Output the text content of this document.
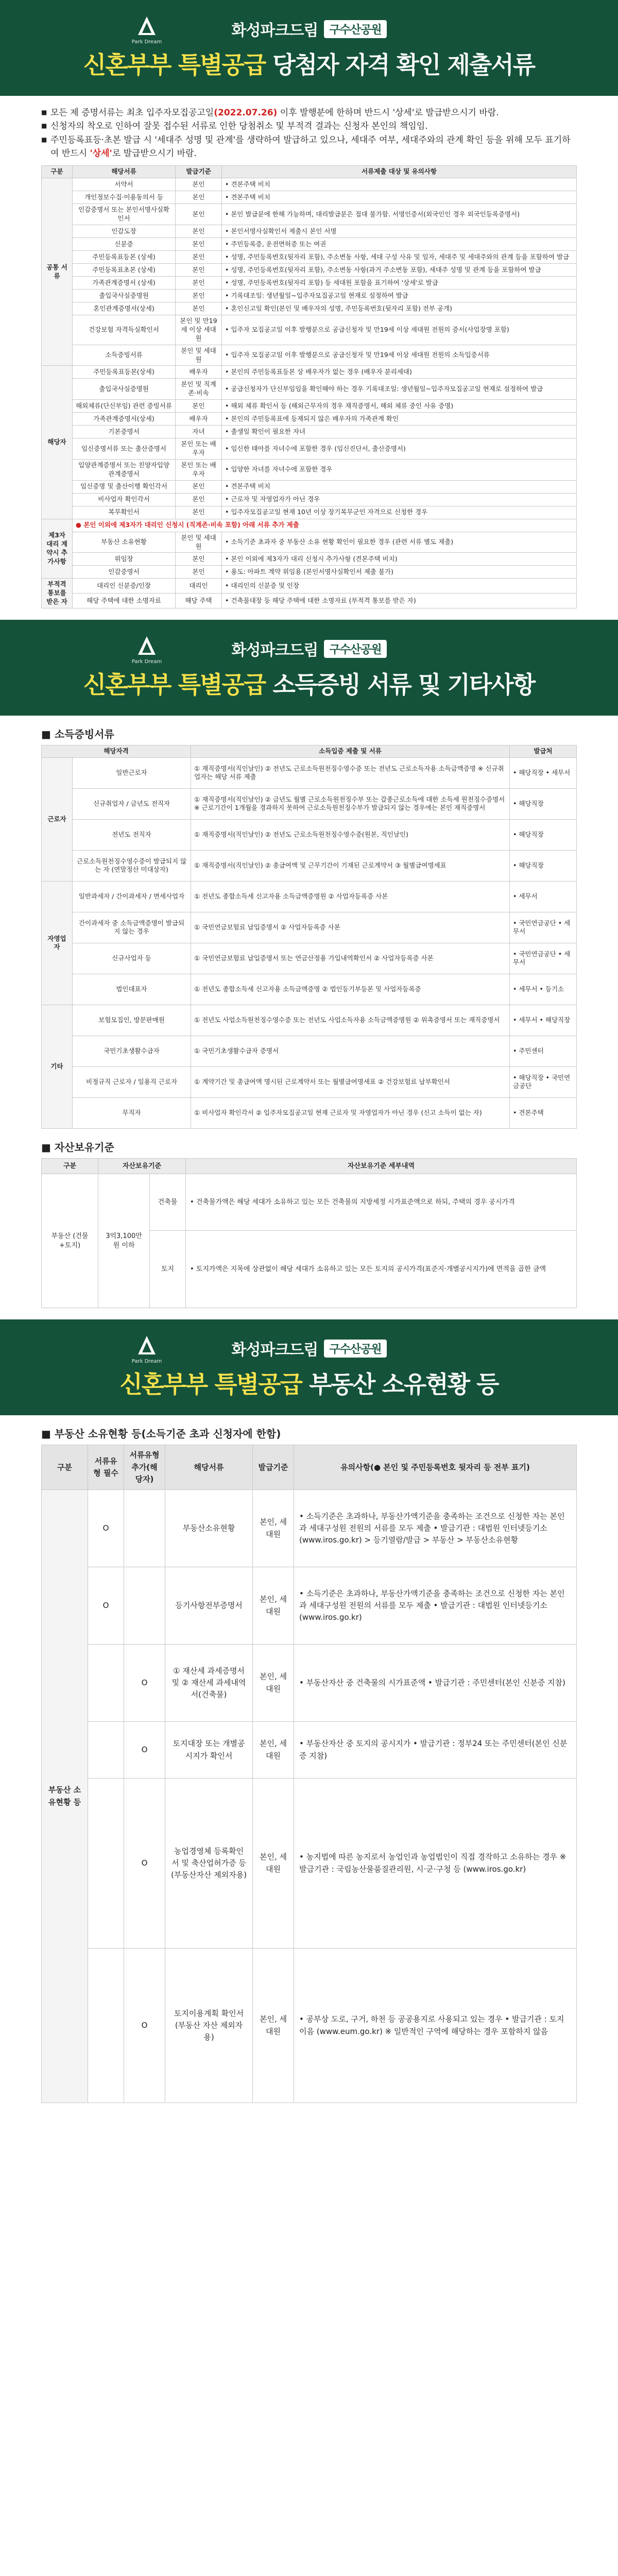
Park Dream
화성파크드림	구수산공원
신혼부부 특별공급 당첨자 자격 확인 제출서류
■ 모든 제 증명서류는 최초 입주자모집공고일(2022.07.26) 이후 발행분에 한하며 반드시 '상세'로 발급받으시기 바람.
■ 신청자의 착오로 인하여 잘못 접수된 서류로 인한 당첨취소 및 부적격 결과는 신청자 본인의 책임임.
■ 주민등록표등·초본 발급 시 '세대주 성명 및 관계'를 생략하여 발급하고 있으나, 세대주 여부, 세대주와의 관계 확인 등을 위해 모두 표기하여 반드시 '상세'로 발급받으시기 바람.
구분	해당서류	발급기준	서류제출 대상 및 유의사항
공통 서류	서약서	본인	• 견본주택 비치
	개인정보수집·이용동의서 등	본인	• 견본주택 비치
	인감증명서 또는 본인서명사실확인서	본인	• 본인 발급분에 한해 가능하며, 대리발급분은 접대 불가함. 서명인증서(외국인인 경우 외국인등록증명서)
	인감도장	본인	• 본인서명사실확인서 제출시 본인 서명
	신분증	본인	• 주민등록증, 운전면허증 또는 여권
	주민등록표등본 (상세)	본인	• 성명, 주민등록번호(뒷자리 포함), 주소변동 사항, 세대 구성 사유 및 일자, 세대주 및 세대주와의 관계 등을 포함하여 발급
	주민등록표초본 (상세)	본인	• 성명, 주민등록번호(뒷자리 포함), 주소변동 사항(과거 주소변동 포함), 세대주 성명 및 관계 등을 포함하여 발급
	가족관계증명서 (상세)	본인	• 성명, 주민등록번호(뒷자리 포함) 등 세대원 포함을 표기하여 '상세'로 발급
	출입국사실증명원	본인	• 기록대조일: 생년월일~입주자모집공고일 현재로 설정하여 발급
	혼인관계증명서(상세)	본인	• 혼인신고일 확인(본인 및 배우자의 성명, 주민등록번호(뒷자리 포함) 전부 공개)
	건강보험 자격득실확인서	본인 및 만19세 이상 세대원	• 입주자 모집공고일 이후 발행분으로 공급신청자 및 만19세 이상 세대원 전원의 증서(사업장명 포함)
	소득증빙서류	본인 및 세대원	• 입주자 모집공고일 이후 발행분으로 공급신청자 및 만19세 이상 세대원 전원의 소득입증서류
해당자	주민등록표등본(상세)	배우자	• 본인의 주민등록표등본 상 배우자가 없는 경우 (배우자 분리세대)
	출입국사실증명원	본인 및 직계존·비속	• 공급신청자가 단신부임임을 확인해야 하는 경우 기록대조일: 생년월일~입주자모집공고일 현재로 설정하여 발급
	해외체류(단신부임) 관련 증빙서류	본인	• 해외 체류 확인서 등 (해외근무자의 경우 재직증명서, 해외 체류 중인 사유 증명)
	가족관계증명서(상세)	배우자	• 본인의 주민등록표에 등재되지 않은 배우자의 가족관계 확인
	기본증명서	자녀	• 출생일 확인이 필요한 자녀
	임신증명서류 또는 출산증명서	본인 또는 배우자	• 임신한 태아를 자녀수에 포함한 경우 (임신진단서, 출산증명서)
	입양관계증명서 또는 친양자입양관계증명서	본인 또는 배우자	• 입양한 자녀를 자녀수에 포함한 경우
	임신증명 및 출산이행 확인각서	본인	• 견본주택 비치
	비사업자 확인각서	본인	• 근로자 및 자영업자가 아닌 경우
	복무확인서	본인	• 입주자모집공고일 현재 10년 이상 장기복무군인 자격으로 신청한 경우
제3자 대리 계약시 추가사항	● 본인 이외에 제3자가 대리인 신청시 (직계존·비속 포함) 아래 서류 추가 제출		
	부동산 소유현황	본인 및 세대원	• 소득기준 초과자 중 부동산 소유 현황 확인이 필요한 경우 (관련 서류 별도 제출)
	위임장	본인	• 본인 이외에 제3자가 대리 신청시 추가사항 (견본주택 비치)
	인감증명서	본인	• 용도: 아파트 계약 위임용 (본인서명사실확인서 제출 불가)
부적격 통보를 받은 자	대리인 신분증/인장	대리인	• 대리인의 신분증 및 인장
	해당 주택에 대한 소명자료	해당 주택	• 건축물대장 등 해당 주택에 대한 소명자료 (부적격 통보를 받은 자)
Park Dream
화성파크드림	구수산공원
신혼부부 특별공급 소득증빙 서류 및 기타사항
■ 소득증빙서류
해당자격		소득입증 제출 및 서류	발급처
근로자	일반근로자	① 재직증명서(직인날인) ② 전년도 근로소득원천징수영수증 또는 전년도 근로소득자용 소득금액증명 ※ 신규취업자는 해당 서류 제출	• 해당직장 • 세무서
	신규취업자 / 금년도 전직자	① 재직증명서(직인날인) ② 금년도 월별 근로소득원천징수부 또는 갑종근로소득에 대한 소득세 원천징수증명서 ※ 근로기간이 1개월을 경과하지 못하여 근로소득원천징수부가 발급되지 않는 경우에는 본인 재직증명서	• 해당직장
	전년도 전직자	① 재직증명서(직인날인) ② 전년도 근로소득원천징수영수증(원본, 직인날인)	• 해당직장
	근로소득원천징수영수증이 발급되지 않는 자 (연말정산 미대상자)	① 재직증명서(직인날인) ② 총급여액 및 근무기간이 기재된 근로계약서 ③ 월별급여명세표	• 해당직장
자영업자	일반과세자 / 간이과세자 / 면세사업자	① 전년도 종합소득세 신고자용 소득금액증명원 ② 사업자등록증 사본	• 세무서
	간이과세자 중 소득금액증명이 발급되지 않는 경우	① 국민연금보험료 납입증명서 ② 사업자등록증 사본	• 국민연금공단 • 세무서
	신규사업자 등	① 국민연금보험료 납입증명서 또는 연금산정용 가입내역확인서 ② 사업자등록증 사본	• 국민연금공단 • 세무서
	법인대표자	① 전년도 종합소득세 신고자용 소득금액증명 ② 법인등기부등본 및 사업자등록증	• 세무서 • 등기소
기타	보험모집인, 방문판매원	① 전년도 사업소득원천징수영수증 또는 전년도 사업소득자용 소득금액증명원 ② 위촉증명서 또는 재직증명서	• 세무서 • 해당직장
	국민기초생활수급자	① 국민기초생활수급자 증명서	• 주민센터
	비정규직 근로자 / 일용직 근로자	① 계약기간 및 총급여액 명시된 근로계약서 또는 월별급여명세표 ② 건강보험료 납부확인서	• 해당직장 • 국민연금공단
	무직자	① 비사업자 확인각서 ② 입주자모집공고일 현재 근로자 및 자영업자가 아닌 경우 (신고 소득이 없는 자)	• 견본주택
■ 자산보유기준
구분	자산보유기준		자산보유기준 세부내역
부동산 (건물+토지)	3억3,100만원 이하	건축물	• 건축물가액은 해당 세대가 소유하고 있는 모든 건축물의 지방세정 시가표준액으로 하되, 주택의 경우 공시가격
		토지	• 토지가액은 지목에 상관없이 해당 세대가 소유하고 있는 모든 토지의 공시가격(표준지·개별공시지가)에 면적을 곱한 금액
Park Dream
화성파크드림	구수산공원
신혼부부 특별공급 부동산 소유현황 등
■ 부동산 소유현황 등(소득기준 초과 신청자에 한함)
구분	서류유형 필수	서류유형 추가(해당자)	해당서류	발급기준	유의사항(● 본인 및 주민등록번호 뒷자리 등 전부 표기)
부동산 소유현황 등	O		부동산소유현황	본인, 세대원	• 소득기준은 초과하나, 부동산가액기준을 충족하는 조건으로 신청한 자는 본인과 세대구성원 전원의 서류를 모두 제출 • 발급기관 : 대법원 인터넷등기소(www.iros.go.kr) > 등기열람/발급 > 부동산 > 부동산소유현황
	O		등기사항전부증명서	본인, 세대원	• 소득기준은 초과하나, 부동산가액기준을 충족하는 조건으로 신청한 자는 본인과 세대구성원 전원의 서류를 모두 제출 • 발급기관 : 대법원 인터넷등기소(www.iros.go.kr)
		O	① 재산세 과세증명서 및 ② 재산세 과세내역서(건축물)	본인, 세대원	• 부동산자산 중 건축물의 시가표준액 • 발급기관 : 주민센터(본인 신분증 지참)
		O	토지대장 또는 개별공시지가 확인서	본인, 세대원	• 부동산자산 중 토지의 공시지가 • 발급기관 : 정부24 또는 주민센터(본인 신분증 지참)
		O	농업경영체 등록확인서 및 축산업허가증 등 (부동산자산 제외자용)	본인, 세대원	• 농지법에 따른 농지로서 농업인과 농업법인이 직접 경작하고 소유하는 경우 ※ 발급기관 : 국립농산물품질관리원, 시·군·구청 등 (www.iros.go.kr)
		O	토지이용계획 확인서 (부동산 자산 제외자용)	본인, 세대원	• 공부상 도로, 구거, 하천 등 공공용지로 사용되고 있는 경우 • 발급기관 : 토지이음 (www.eum.go.kr) ※ 일반적인 구역에 해당하는 경우 포함하지 않음
